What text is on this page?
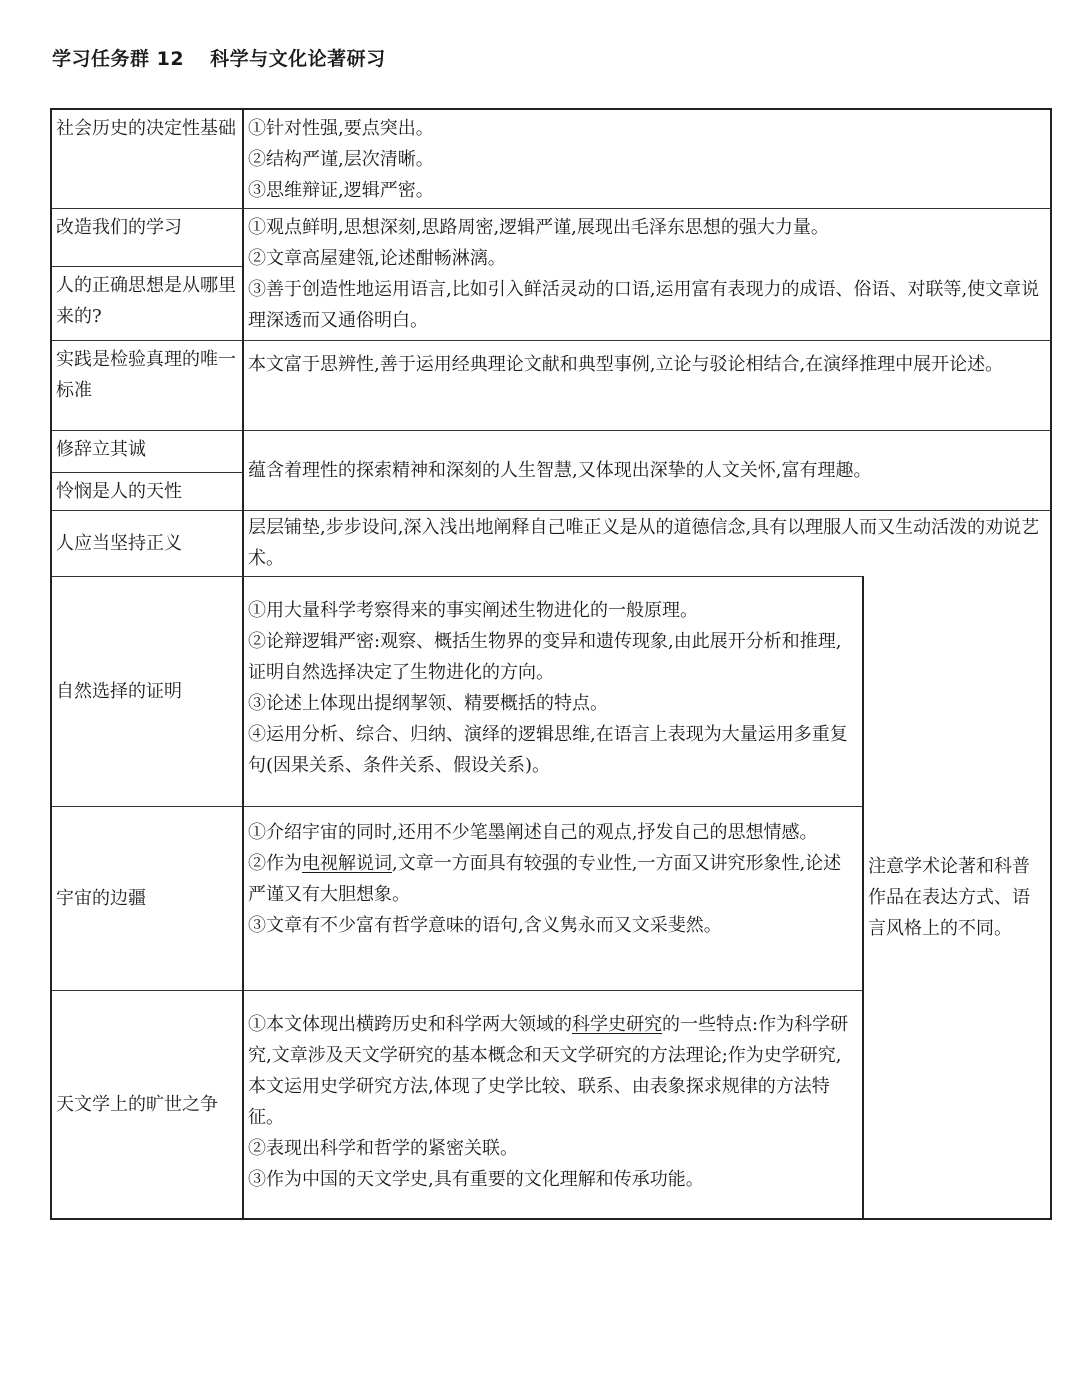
学习任务群 12 科学与文化论著研习
社会历史的决定性基础 ①针对性强,要点突出。
②结构严谨,层次清晰。
③思维辩证,逻辑严密。
改造我们的学习
人的正确思想是从哪里来的?
①观点鲜明,思想深刻,思路周密,逻辑严谨,展现出毛泽东思想的强大力量。
②文章高屋建瓴,论述酣畅淋漓。
③善于创造性地运用语言,比如引入鲜活灵动的口语,运用富有表现力的成语、俗语、对联等,使文章说理深透而又通俗明白。
实践是检验真理的唯一标准
本文富于思辨性,善于运用经典理论文献和典型事例,立论与驳论相结合,在演绎推理中展开论述。
修辞立其诚
怜悯是人的天性
蕴含着理性的探索精神和深刻的人生智慧,又体现出深挚的人文关怀,富有理趣。
人应当坚持正义
层层铺垫,步步设问,深入浅出地阐释自己唯正义是从的道德信念,具有以理服人而又生动活泼的劝说艺术。
自然选择的证明
①用大量科学考察得来的事实阐述生物进化的一般原理。
②论辩逻辑严密:观察、概括生物界的变异和遗传现象,由此展开分析和推理,证明自然选择决定了生物进化的方向。
③论述上体现出提纲挈领、精要概括的特点。
④运用分析、综合、归纳、演绎的逻辑思维,在语言上表现为大量运用多重复句(因果关系、条件关系、假设关系)。
宇宙的边疆
①介绍宇宙的同时,还用不少笔墨阐述自己的观点,抒发自己的思想情感。
②作为电视解说词,文章一方面具有较强的专业性,一方面又讲究形象性,论述严谨又有大胆想象。
③文章有不少富有哲学意味的语句,含义隽永而又文采斐然。
天文学上的旷世之争
①本文体现出横跨历史和科学两大领域的科学史研究的一些特点:作为科学研究,文章涉及天文学研究的基本概念和天文学研究的方法理论;作为史学研究,本文运用史学研究方法,体现了史学比较、联系、由表象探求规律的方法特征。
②表现出科学和哲学的紧密关联。
③作为中国的天文学史,具有重要的文化理解和传承功能。
注意学术论著和科普作品在表达方式、语言风格上的不同。
